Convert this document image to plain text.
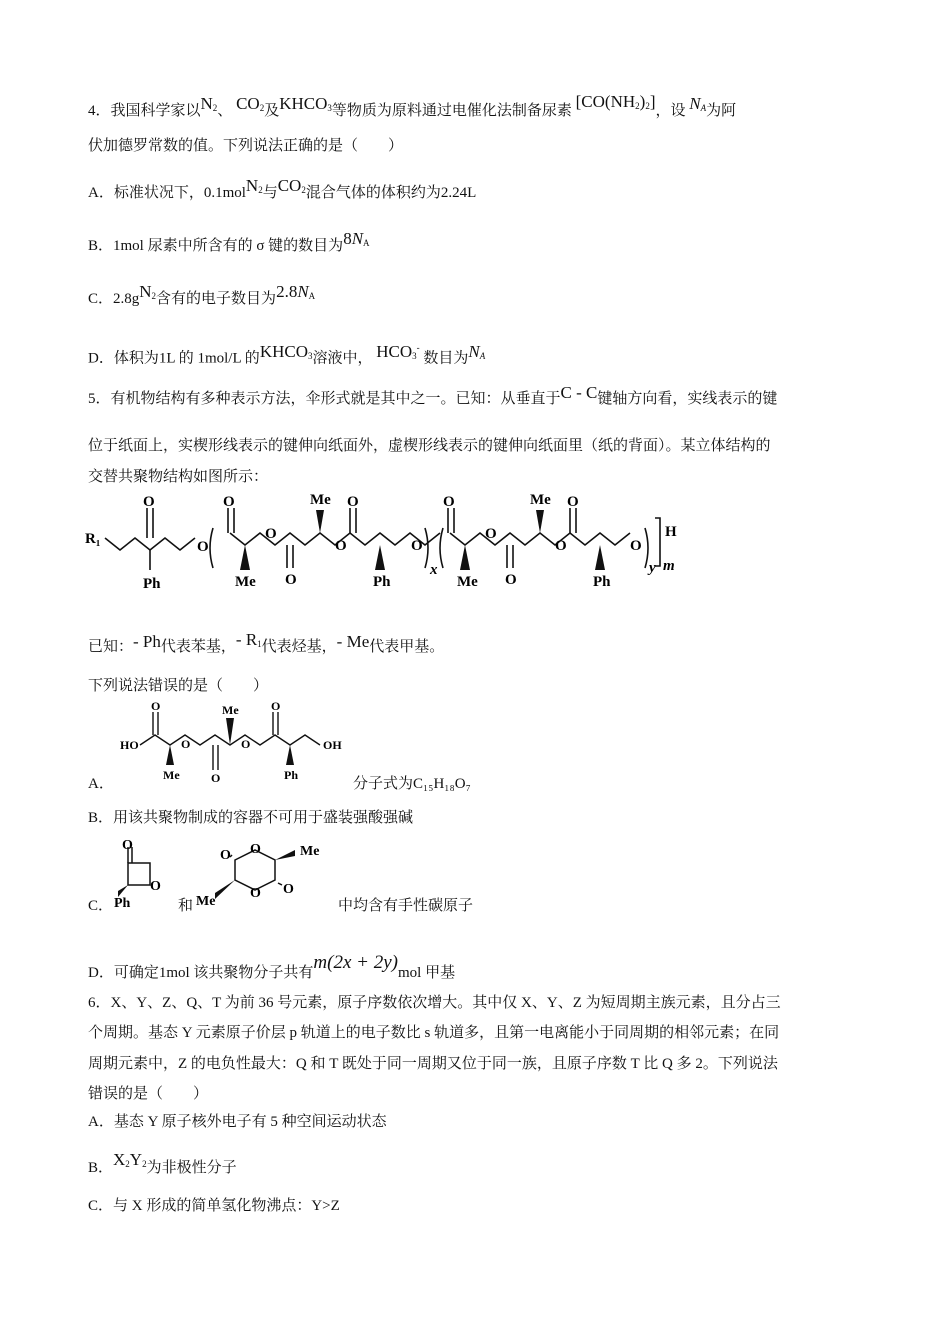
4．我国科学家以$N_2$、 $CO_2$及$KHCO_3$等物质为原料通过电催化法制备尿素 $[CO(NH_2)_2]$，设 $N_A$为阿
伏加德罗常数的值。下列说法正确的是（　　）
A．标准状况下，0.1molN$_2$与$CO_2$混合气体的体积约为2.24L
B．1mol 尿素中所含有的 σ 键的数目为$8N_A$
C．$2.8gN_2$含有的电子数目为$2.8N_A$
D．体积为1L 的 1mol/L 的$KHCO_3$溶液中， $HCO_3^-$ 数目为$N_A$
5．有机物结构有多种表示方法，伞形式就是其中之一。已知：从垂直于C - C键轴方向看，实线表示的键
位于纸面上，实楔形线表示的键伸向纸面外，虚楔形线表示的键伸向纸面里（纸的背面）。某立体结构的
交替共聚物结构如图所示：
R₁
O
Ph
O
O
Me
O
O
Me
O
O
Ph
O
x
O
Me
O
O
Me
O
O
Ph
O
y m
H
已知：- Ph代表苯基，- $R_1$代表烃基，- Me代表甲基。
下列说法错误的是（　　）
HO
O
Me
O
O
Me
O
O
Ph
OH
A．	分子式为C₁₅H₁₈O₇
B．用该共聚物制成的容器不可用于盛装强酸强碱
O
O
Ph
O O
O O
Me
Me
C．	和	中均含有手性碳原子
D．可确定1mol 该共聚物分子共有m(2x + 2y)mol 甲基
6．X、Y、Z、Q、T 为前 36 号元素，原子序数依次增大。其中仅 X、Y、Z 为短周期主族元素，且分占三
个周期。基态 Y 元素原子价层 p 轨道上的电子数比 s 轨道多，且第一电离能小于同周期的相邻元素；在同
周期元素中，Z 的电负性最大：Q 和 T 既处于同一周期又位于同一族，且原子序数 T 比 Q 多 2。下列说法
错误的是（　　）
A．基态 Y 原子核外电子有 5 种空间运动状态
B．$X_2Y_2$为非极性分子
C．与 X 形成的简单氢化物沸点：Y>Z
